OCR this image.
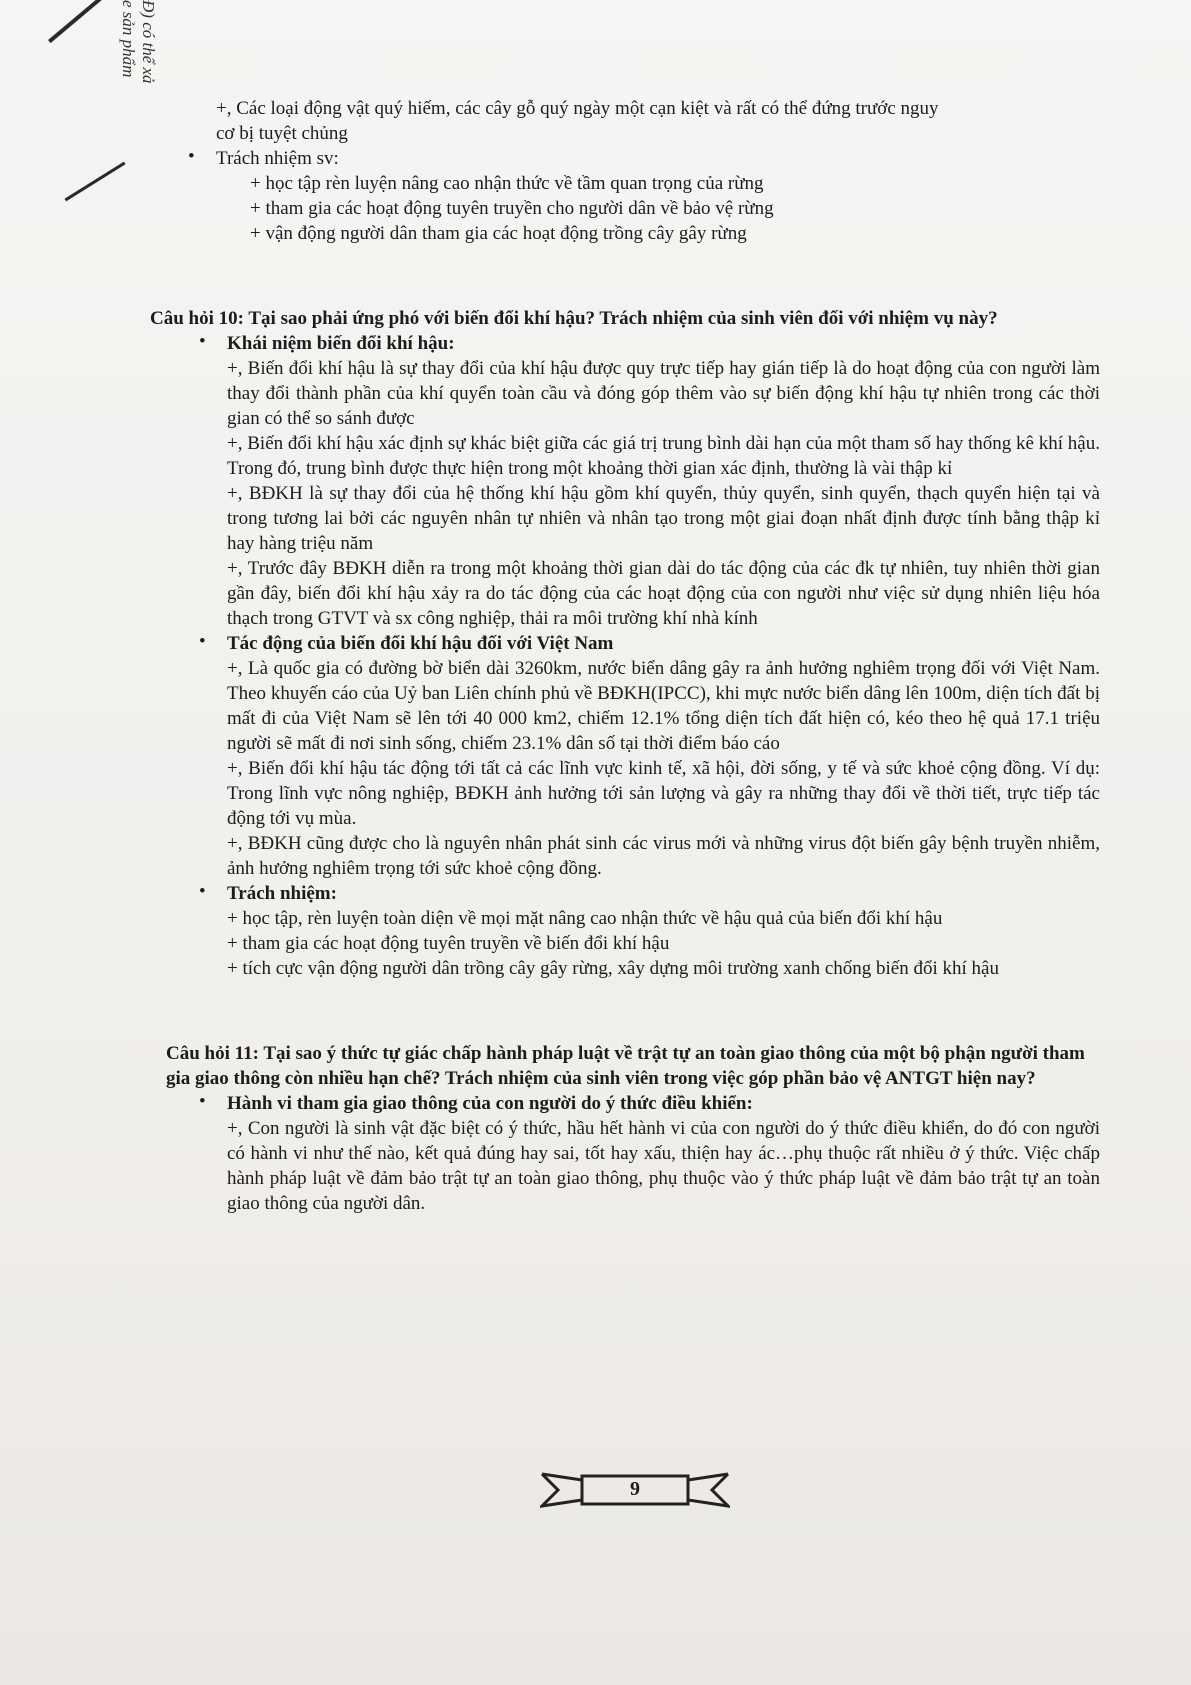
Đ) có thể xả
e sản phẩm

+, Các loại động vật quý hiếm, các cây gỗ quý ngày một cạn kiệt và rất có thể đứng trước nguy

cơ bị tuyệt chủng

• Trách nhiệm sv:

+ học tập rèn luyện nâng cao nhận thức về tầm quan trọng của rừng

+ tham gia các hoạt động tuyên truyền cho người dân về bảo vệ rừng

+ vận động người dân tham gia các hoạt động trồng cây gây rừng

Câu hỏi 10: Tại sao phải ứng phó với biến đổi khí hậu? Trách nhiệm của sinh viên đối với nhiệm vụ này?

• Khái niệm biến đổi khí hậu:

+, Biến đổi khí hậu là sự thay đổi của khí hậu được quy trực tiếp hay gián tiếp là do hoạt động của con người làm thay đổi thành phần của khí quyển toàn cầu và đóng góp thêm vào sự biến động khí hậu tự nhiên trong các thời gian có thể so sánh được

+, Biến đổi khí hậu xác định sự khác biệt giữa các giá trị trung bình dài hạn của một tham số hay thống kê khí hậu. Trong đó, trung bình được thực hiện trong một khoảng thời gian xác định, thường là vài thập kỉ

+, BĐKH là sự thay đổi của hệ thống khí hậu gồm khí quyển, thủy quyển, sinh quyển, thạch quyển hiện tại và trong tương lai bởi các nguyên nhân tự nhiên và nhân tạo trong một giai đoạn nhất định được tính bằng thập kỉ hay hàng triệu năm

+, Trước đây BĐKH diễn ra trong một khoảng thời gian dài do tác động của các đk tự nhiên, tuy nhiên thời gian gần đây, biến đổi khí hậu xảy ra do tác động của các hoạt động của con người như việc sử dụng nhiên liệu hóa thạch trong GTVT và sx công nghiệp, thải ra môi trường khí nhà kính

• Tác động của biến đổi khí hậu đối với Việt Nam

+, Là quốc gia có đường bờ biển dài 3260km, nước biển dâng gây ra ảnh hưởng nghiêm trọng đối với Việt Nam. Theo khuyến cáo của Uỷ ban Liên chính phủ về BĐKH(IPCC), khi mực nước biển dâng lên 100m, diện tích đất bị mất đi của Việt Nam sẽ lên tới 40 000 km2, chiếm 12.1% tổng diện tích đất hiện có, kéo theo hệ quả 17.1 triệu người sẽ mất đi nơi sinh sống, chiếm 23.1% dân số tại thời điểm báo cáo

+, Biến đổi khí hậu tác động tới tất cả các lĩnh vực kinh tế, xã hội, đời sống, y tế và sức khoẻ cộng đồng. Ví dụ: Trong lĩnh vực nông nghiệp, BĐKH ảnh hưởng tới sản lượng và gây ra những thay đổi về thời tiết, trực tiếp tác động tới vụ mùa.

+, BĐKH cũng được cho là nguyên nhân phát sinh các virus mới và những virus đột biến gây bệnh truyền nhiễm, ảnh hưởng nghiêm trọng tới sức khoẻ cộng đồng.

• Trách nhiệm:

+ học tập, rèn luyện toàn diện về mọi mặt nâng cao nhận thức về hậu quả của biến đổi khí hậu

+ tham gia các hoạt động tuyên truyền về biến đổi khí hậu

+ tích cực vận động người dân trồng cây gây rừng, xây dựng môi trường xanh chống biến đổi khí hậu

Câu hỏi 11: Tại sao ý thức tự giác chấp hành pháp luật về trật tự an toàn giao thông của một bộ phận người tham gia giao thông còn nhiều hạn chế? Trách nhiệm của sinh viên trong việc góp phần bảo vệ ANTGT hiện nay?

• Hành vi tham gia giao thông của con người do ý thức điều khiển:

+, Con người là sinh vật đặc biệt có ý thức, hầu hết hành vi của con người do ý thức điều khiển, do đó con người có hành vi như thế nào, kết quả đúng hay sai, tốt hay xấu, thiện hay ác…phụ thuộc rất nhiều ở ý thức. Việc chấp hành pháp luật về đảm bảo trật tự an toàn giao thông, phụ thuộc vào ý thức pháp luật về đảm bảo trật tự an toàn giao thông của người dân.

9
